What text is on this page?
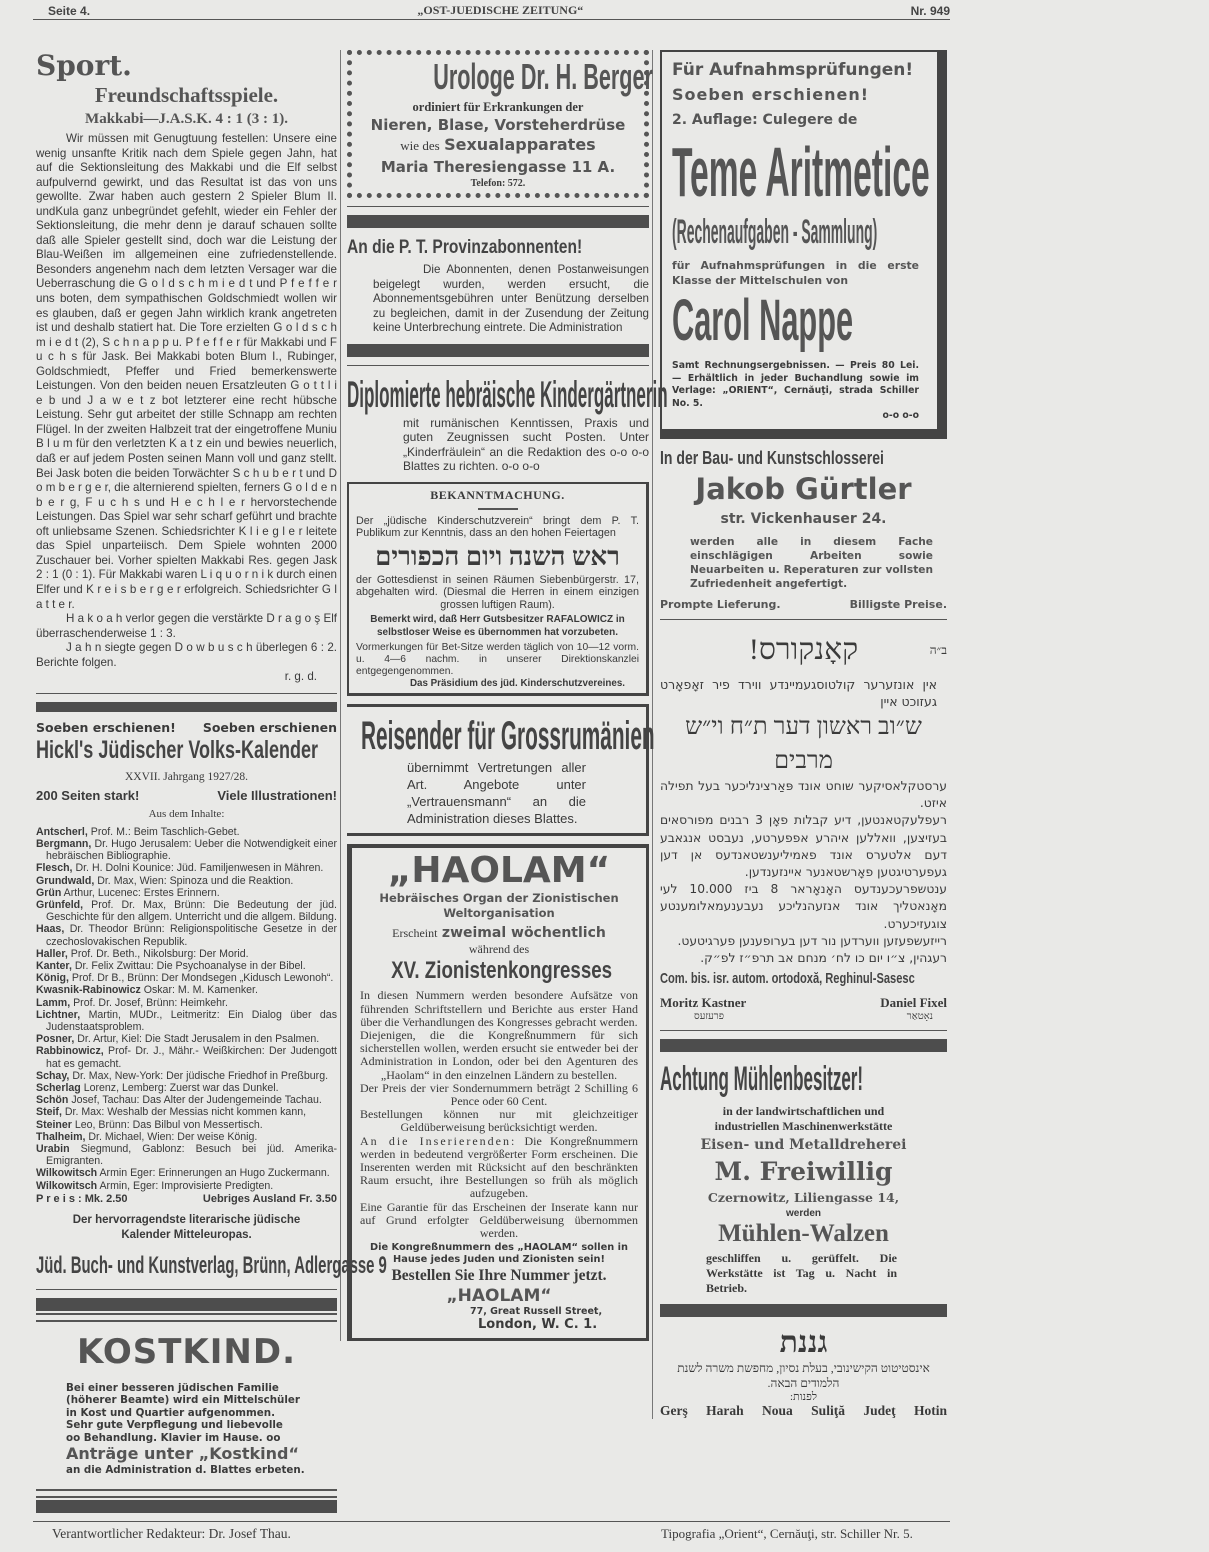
Seite 4.	„OST-JUEDISCHE ZEITUNG“	Nr. 949
Sport.
Freundschaftsspiele.
Makkabi—J.A.S.K. 4 : 1 (3 : 1).

Wir müssen mit Genugtuung festellen: Unsere eine wenig unsanfte Kritik nach dem Spiele gegen Jahn, hat auf die Sektionsleitung des Makkabi und die Elf selbst aufpulvernd gewirkt, und das Resultat ist das von uns gewollte. Zwar haben auch gestern 2 Spieler Blum II. undKula ganz unbegründet gefehlt, wieder ein Fehler der Sektionsleitung, die mehr denn je darauf schauen sollte daß alle Spieler gestellt sind, doch war die Leistung der Blau-Weißen im allgemeinen eine zufriedenstellende. Besonders angenehm nach dem letzten Versager war die Ueberraschung die G o l d s c h m i e d t und P f e f f e r uns boten, dem sympathischen Goldschmiedt wollen wir es glauben, daß er gegen Jahn wirklich krank angetreten ist und deshalb statiert hat. Die Tore erzielten G o l d s c h m i e d t (2), S c h n a p p u. P f e f f e r für Makkabi und F u c h s für Jask. Bei Makkabi boten Blum I., Rubinger, Goldschmiedt, Pfeffer und Fried bemerkenswerte Leistungen. Von den beiden neuen Ersatzleuten G o t t l i e b und J a w e t z bot letzterer eine recht hübsche Leistung. Sehr gut arbeitet der stille Schnapp am rechten Flügel. In der zweiten Halbzeit trat der eingetroffene Muniu B l u m für den verletzten K a t z ein und bewies neuerlich, daß er auf jedem Posten seinen Mann voll und ganz stellt. Bei Jask boten die beiden Torwächter S c h u b e r t und D o m b e r g e r, die alternierend spielten, ferners G o l d e n b e r g, F u c h s und H e c h l e r hervorstechende Leistungen. Das Spiel war sehr scharf geführt und brachte oft unliebsame Szenen. Schiedsrichter K l i e g l e r leitete das Spiel unparteiisch. Dem Spiele wohnten 2000 Zuschauer bei. Vorher spielten Makkabi Res. gegen Jask 2 : 1 (0 : 1). Für Makkabi waren L i q u o r n i k durch einen Elfer und K r e i s b e r g e r erfolgreich. Schiedsrichter G l a t t e r.

H a k o a h verlor gegen die verstärkte D r a g o ş Elf überraschenderweise 1 : 3.

J a h n siegte gegen D o w b u s c h überlegen 6 : 2. Berichte folgen.

r. g. d.
Soeben erschienen! Soeben erschienen
Hickl's Jüdischer Volks-Kalender
XXVII. Jahrgang 1927/28.
200 Seiten stark!	Viele Illustrationen!
Aus dem Inhalte:
Antscherl, Prof. M.: Beim Taschlich-Gebet.
Bergmann, Dr. Hugo Jerusalem: Ueber die Notwendigkeit einer hebräischen Bibliographie.
Flesch, Dr. H. Dolni Kounice: Jüd. Familjenwesen in Mähren.
Grundwald, Dr. Max, Wien: Spinoza und die Reaktion.
Grün Arthur, Lucenec: Erstes Erinnern.
Grünfeld, Prof. Dr. Max, Brünn: Die Bedeutung der jüd. Geschichte für den allgem. Unterricht und die allgem. Bildung.
Haas, Dr. Theodor Brünn: Religionspolitische Gesetze in der czechoslovakischen Republik.
Haller, Prof. Dr. Beth., Nikolsburg: Der Morid.
Kanter, Dr. Felix Zwittau: Die Psychoanalyse in der Bibel.
König, Prof. Dr B., Brünn: Der Mondsegen „Kidusch Lewonoh“.
Kwasnik-Rabinowicz Oskar: M. M. Kamenker.
Lamm, Prof. Dr. Josef, Brünn: Heimkehr.
Lichtner, Martin, MUDr., Leitmeritz: Ein Dialog über das Judenstaatsproblem.
Posner, Dr. Artur, Kiel: Die Stadt Jerusalem in den Psalmen.
Rabbinowicz, Prof- Dr. J., Mähr.- Weißkirchen: Der Judengott hat es gemacht.
Schay, Dr. Max, New-York: Der jüdische Friedhof in Preßburg.
Scherlag Lorenz, Lemberg: Zuerst war das Dunkel.
Schön Josef, Tachau: Das Alter der Judengemeinde Tachau.
Steif, Dr. Max: Weshalb der Messias nicht kommen kann,
Steiner Leo, Brünn: Das Bilbul von Messertisch.
Thalheim, Dr. Michael, Wien: Der weise König.
Urabin Siegmund, Gablonz: Besuch bei jüd. Amerika-Emigranten.
Wilkowitsch Armin Eger: Erinnerungen an Hugo Zuckermann.
Wilkowitsch Armin, Eger: Improvisierte Predigten.
P r e i s : Mk. 2.50	Uebriges Ausland Fr. 3.50
Der hervorragendste literarische jüdische Kalender Mitteleuropas.
Jüd. Buch- und Kunstverlag, Brünn, Adlergasse 9
KOSTKIND.
Bei einer besseren jüdischen Familie
(höherer Beamte) wird ein Mittelschüler
in Kost und Quartier aufgenommen.
Sehr gute Verpflegung und liebevolle
oo Behandlung. Klavier im Hause. oo
Anträge unter „Kostkind“
an die Administration d. Blattes erbeten.
Urologe Dr. H. Berger
ordiniert für Erkrankungen der
Nieren, Blase, Vorsteherdrüse
wie des Sexualapparates
Maria Theresiengasse 11 A.
Telefon: 572.
An die P. T. Provinzabonnenten!

Die Abonnenten, denen Postanweisungen beigelegt wurden, werden ersucht, die Abonnementsgebühren unter Benützung derselben zu begleichen, damit in der Zusendung der Zeitung keine Unterbrechung eintrete. Die Administration

Diplomierte hebräische Kindergärtnerin

mit rumänischen Kenntissen, Praxis und guten Zeugnissen sucht Posten. Unter „Kinderfräulein“ an die Redaktion des o-o o-o Blattes zu richten. o-o o-o

BEKANNTMACHUNG.

Der „jüdische Kinderschutzverein“ bringt dem P. T. Publikum zur Kenntnis, dass an den hohen Feiertagen

ראש השנה ויום הכפורים

der Gottesdienst in seinen Räumen Siebenbürgerstr. 17, abgehalten wird. (Diesmal die Herren in einem einzigen grossen luftigen Raum).

Bemerkt wird, daß Herr Gutsbesitzer RAFALOWICZ in selbstloser Weise es übernommen hat vorzubeten.

Vormerkungen für Bet-Sitze werden täglich von 10—12 vorm. u. 4—6 nachm. in unserer Direktionskanzlei entgegengenommen.

Das Präsidium des jüd. Kinderschutzvereines.

Reisender für Grossrumänien

übernimmt Vertretungen aller Art. Angebote unter „Vertrauensmann“ an die Administration dieses Blattes.

„HAOLAM“
Hebräisches Organ der Zionistischen Weltorganisation
Erscheint zweimal wöchentlich
während des
XV. Zionistenkongresses

In diesen Nummern werden besondere Aufsätze von führenden Schriftstellern und Berichte aus erster Hand über die Verhandlungen des Kongresses gebracht werden.

Diejenigen, die die Kongreßnummern für sich sicherstellen wollen, werden ersucht sie entweder bei der Administration in London, oder bei den Agenturen des „Haolam“ in den einzelnen Ländern zu bestellen.

Der Preis der vier Sondernummern beträgt 2 Schilling 6 Pence oder 60 Cent.

Bestellungen können nur mit gleichzeitiger Geldüberweisung berücksichtigt werden.

An die Inserierenden: Die Kongreßnummern werden in bedeutend vergrößerter Form erscheinen. Die Inserenten werden mit Rücksicht auf den beschränkten Raum ersucht, ihre Bestellungen so früh als möglich aufzugeben.

Eine Garantie für das Erscheinen der Inserate kann nur auf Grund erfolgter Geldüberweisung übernommen werden.

Die Kongreßnummern des „HAOLAM“ sollen in Hause jedes Juden und Zionisten sein!
Bestellen Sie Ihre Nummer jetzt.
„HAOLAM“
77, Great Russell Street,
London, W. C. 1.
Für Aufnahmsprüfungen!
Soeben erschienen!
2. Auflage: Culegere de
Teme Aritmetice
(Rechenaufgaben - Sammlung)
für Aufnahmsprüfungen in die erste Klasse der Mittelschulen von
Carol Nappe
Samt Rechnungsergebnissen. — Preis 80 Lei. — Erhältlich in jeder Buchandlung sowie im Verlage: „ORIENT“, Cernăuţi, strada Schiller No. 5.
o-o o-o
In der Bau- und Kunstschlosserei
Jakob Gürtler
str. Vickenhauser 24.
werden alle in diesem Fache einschlägigen Arbeiten sowie Neuarbeiten u. Reperaturen zur vollsten Zufriedenheit angefertigt.
Prompte Lieferung.	Billigste Preise.
קאָנקורס!	ב״ה
אין אונזערער קולטוסגעמיינדע ווירד פיר זאָפאָרט געזוכט איין
ש״וב ראשון דער ת״ח וי״ש מרבים

ערסטקלאסיקער שוחט אונד פּאַרצינליכער בעל תפילה איזט.

רעפלעקטאנטען, דיע קבלות פאָן 3 רבנים מפורסאים בעזיצען, וואללען איהרע אפפערטע, נעבסט אנגאבע דעם אלטערס אונד פאמיליענשטאנדעס אן דען געפערטיגטען פאָרשטאנער איינזענדען.

ענטשפרעכענדעס האָנאָראר 8 ביז 10.000 לעי מאָנאטליך אונד אנזעהנליכע נעבענעמאלומענטע צוגעזיכערט.

רייזעשפעזען ווערדען נור דען בערופענען פערגיטעט.

רעגהין, צ״ו יום כו לח׳ מנחם אב תרפ״ז לפ״ק.

Com. bis. isr. autom. ortodoxă, Reghinul-Sasesc
Moritz Kastner	Daniel Fixel
פרעזעס	נאָטאַר
Achtung Mühlenbesitzer!
in der landwirtschaftlichen und
industriellen Maschinenwerkstätte
Eisen- und Metalldreherei
M. Freiwillig
Czernowitz, Liliengasse 14,
werden
Mühlen-Walzen
geschliffen u. gerüffelt. Die Werkstätte ist Tag u. Nacht in Betrieb.
גננת
אינסטיטוט הקישינובי, בעלת נסיון, מחפשת משרה לשנת הלמודים הבאה.
לפנות:
Gerş Harah Noua Suliţă Judeţ Hotin
Verantwortlicher Redakteur: Dr. Josef Thau.	Tipografia „Orient“, Cernăuţi, str. Schiller Nr. 5.
